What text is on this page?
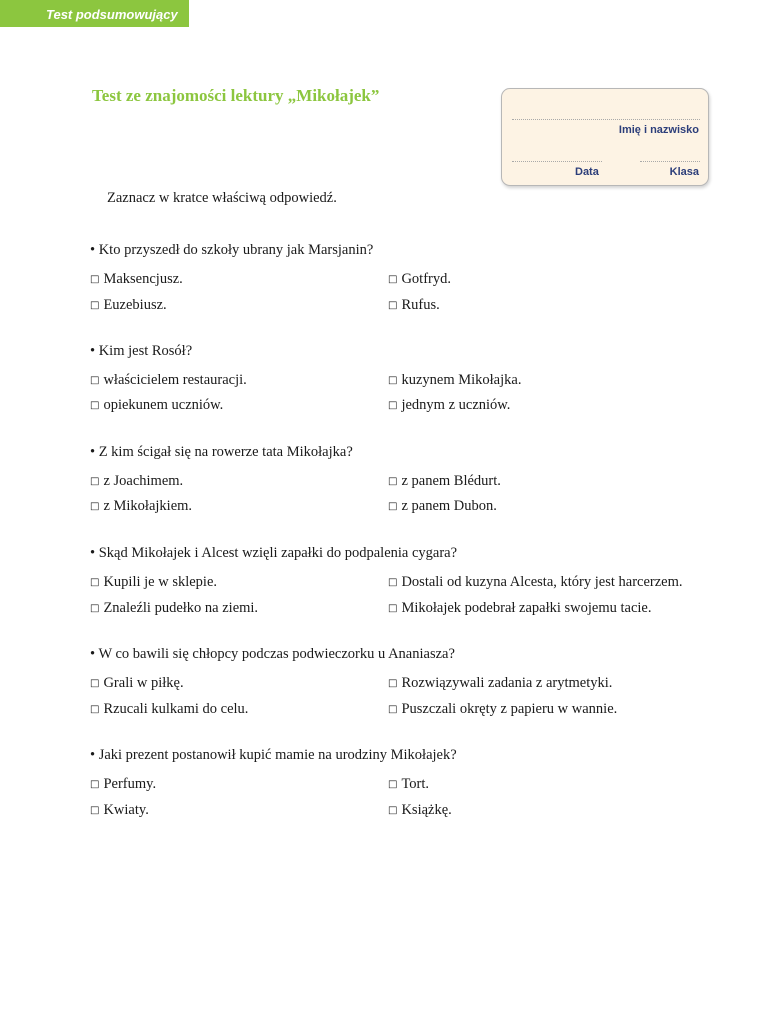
Test podsumowujący
Test ze znajomości lektury „Mikołajek”
Imię i nazwisko
Data	Klasa
Zaznacz w kratce właściwą odpowiedź.
• Kto przyszedł do szkoły ubrany jak Marsjanin?
□ Maksencjusz.	□ Gotfryd.
□ Euzebiusz.	□ Rufus.
• Kim jest Rosół?
□ właścicielem restauracji.	□ kuzynem Mikołajka.
□ opiekunem uczniów.	□ jednym z uczniów.
• Z kim ścigał się na rowerze tata Mikołajka?
□ z Joachimem.	□ z panem Blédurt.
□ z Mikołajkiem.	□ z panem Dubon.
• Skąd Mikołajek i Alcest wzięli zapałki do podpalenia cygara?
□ Kupili je w sklepie.	□ Dostali od kuzyna Alcesta, który jest harcerzem.
□ Znaleźli pudełko na ziemi.	□ Mikołajek podebrał zapałki swojemu tacie.
• W co bawili się chłopcy podczas podwieczorku u Ananiasza?
□ Grali w piłkę.	□ Rozwiązywali zadania z arytmetyki.
□ Rzucali kulkami do celu.	□ Puszczali okręty z papieru w wannie.
• Jaki prezent postanowił kupić mamie na urodziny Mikołajek?
□ Perfumy.	□ Tort.
□ Kwiaty.	□ Książkę.
